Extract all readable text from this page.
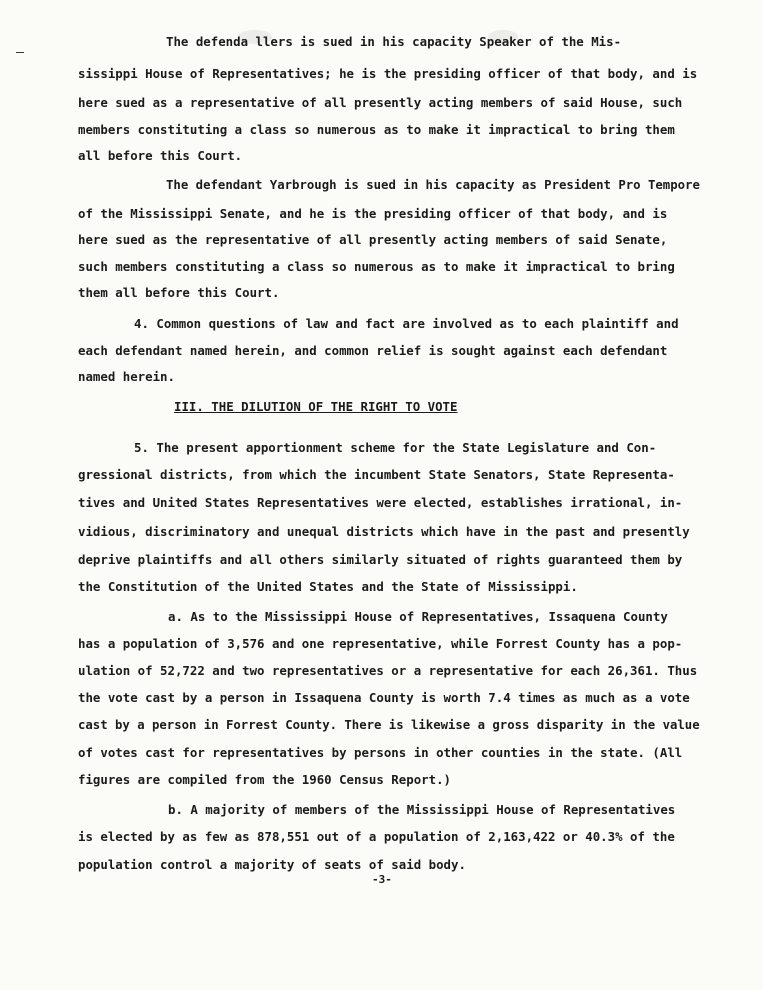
The defenda llers is sued in his capacity Speaker of the Mis-
sissippi House of Representatives; he is the presiding officer of that body, and is
here sued as a representative of all presently acting members of said House, such
members constituting a class so numerous as to make it impractical to bring them
all before this Court.
The defendant Yarbrough is sued in his capacity as President Pro Tempore
of the Mississippi Senate, and he is the presiding officer of that body, and is
here sued as the representative of all presently acting members of said Senate,
such members constituting a class so numerous as to make it impractical to bring
them all before this Court.
4. Common questions of law and fact are involved as to each plaintiff and
each defendant named herein, and common relief is sought against each defendant
named herein.
III. THE DILUTION OF THE RIGHT TO VOTE
5. The present apportionment scheme for the State Legislature and Con-
gressional districts, from which the incumbent State Senators, State Representa-
tives and United States Representatives were elected, establishes irrational, in-
vidious, discriminatory and unequal districts which have in the past and presently
deprive plaintiffs and all others similarly situated of rights guaranteed them by
the Constitution of the United States and the State of Mississippi.
a. As to the Mississippi House of Representatives, Issaquena County
has a population of 3,576 and one representative, while Forrest County has a pop-
ulation of 52,722 and two representatives or a representative for each 26,361. Thus
the vote cast by a person in Issaquena County is worth 7.4 times as much as a vote
cast by a person in Forrest County. There is likewise a gross disparity in the value
of votes cast for representatives by persons in other counties in the state. (All
figures are compiled from the 1960 Census Report.)
b. A majority of members of the Mississippi House of Representatives
is elected by as few as 878,551 out of a population of 2,163,422 or 40.3% of the
population control a majority of seats of said body.
-3-
